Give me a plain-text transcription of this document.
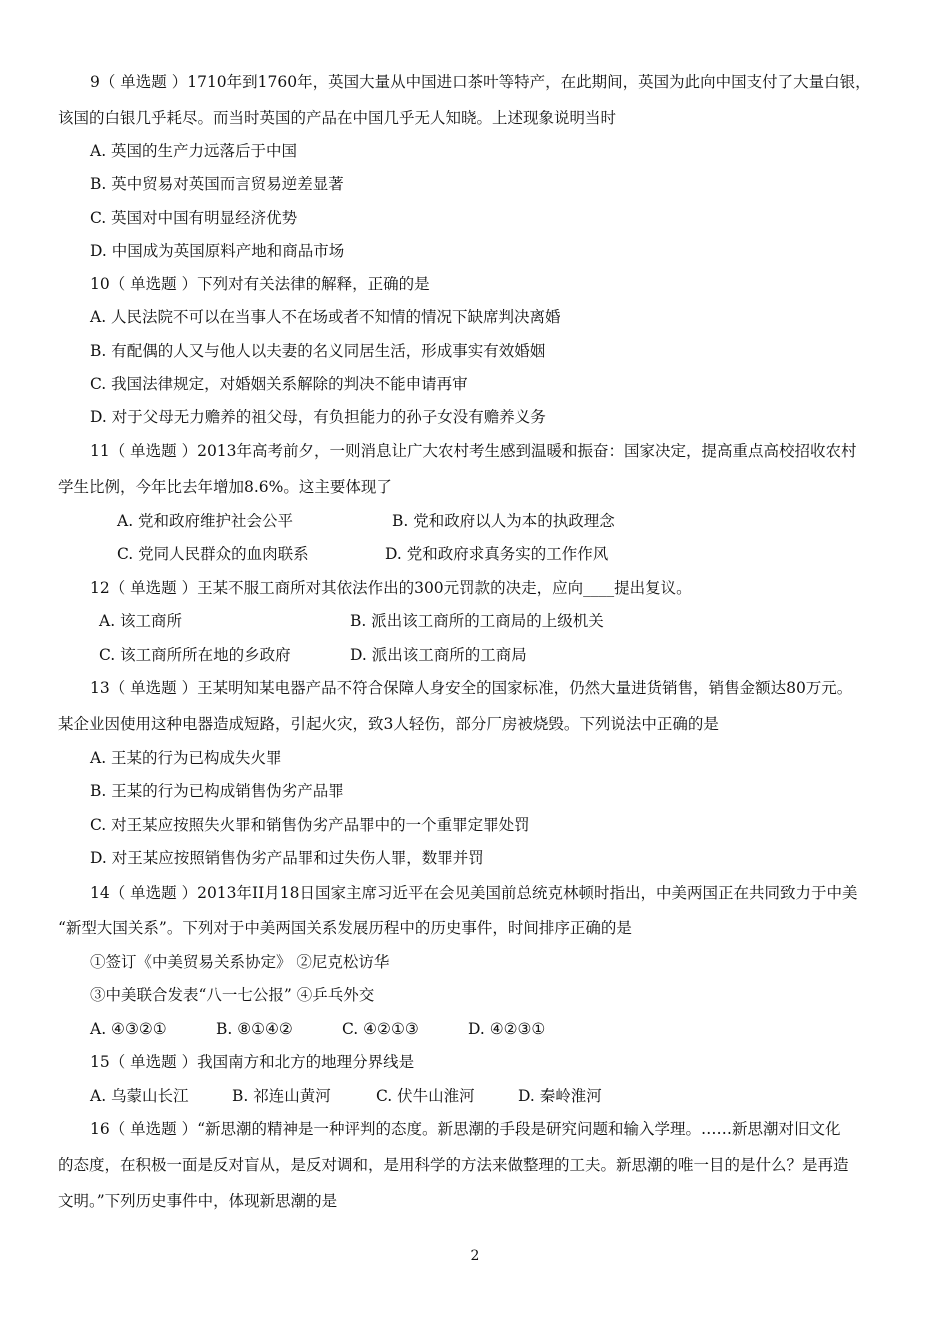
9（ 单选题 ）1710年到1760年，英国大量从中国进口茶叶等特产，在此期间，英国为此向中国支付了大量白银，
该国的白银几乎耗尽。而当时英国的产品在中国几乎无人知晓。上述现象说明当时
A. 英国的生产力远落后于中国
B. 英中贸易对英国而言贸易逆差显著
C. 英国对中国有明显经济优势
D. 中国成为英国原料产地和商品市场
10（ 单选题 ）下列对有关法律的解释，正确的是
A. 人民法院不可以在当事人不在场或者不知情的情况下缺席判决离婚
B. 有配偶的人又与他人以夫妻的名义同居生活，形成事实有效婚姻
C. 我国法律规定，对婚姻关系解除的判决不能申请再审
D. 对于父母无力赡养的祖父母，有负担能力的孙子女没有赡养义务
11（ 单选题 ）2013年高考前夕，一则消息让广大农村考生感到温暖和振奋：国家决定，提高重点高校招收农村
学生比例，今年比去年增加8.6%。这主要体现了
A. 党和政府维护社会公平	B. 党和政府以人为本的执政理念
C. 党同人民群众的血肉联系	D. 党和政府求真务实的工作作风
12（ 单选题 ）王某不服工商所对其依法作出的300元罚款的决走，应向____提出复议。
A. 该工商所	B. 派出该工商所的工商局的上级机关
C. 该工商所所在地的乡政府	D. 派出该工商所的工商局
13（ 单选题 ）王某明知某电器产品不符合保障人身安全的国家标准，仍然大量进货销售，销售金额达80万元。
某企业因使用这种电器造成短路，引起火灾，致3人轻伤，部分厂房被烧毁。下列说法中正确的是
A. 王某的行为已构成失火罪
B. 王某的行为已构成销售伪劣产品罪
C. 对王某应按照失火罪和销售伪劣产品罪中的一个重罪定罪处罚
D. 对王某应按照销售伪劣产品罪和过失伤人罪，数罪并罚
14（ 单选题 ）2013年II月18日国家主席习近平在会见美国前总统克林顿时指出，中美两国正在共同致力于中美
“新型大国关系”。下列对于中美两国关系发展历程中的历史事件，时间排序正确的是
①签订《中美贸易关系协定》 ②尼克松访华
③中美联合发表“八一七公报” ④乒乓外交
A. ④③②①	B. ⑧①④②	C. ④②①③	D. ④②③①
15（ 单选题 ）我国南方和北方的地理分界线是
A. 乌蒙山长江	B. 祁连山黄河	C. 伏牛山淮河	D. 秦岭淮河
16（ 单选题 ）“新思潮的精神是一种评判的态度。新思潮的手段是研究问题和输入学理。……新思潮对旧文化
的态度，在积极一面是反对盲从，是反对调和，是用科学的方法来做整理的工夫。新思潮的唯一目的是什么？是再造
文明。”下列历史事件中，体现新思潮的是
2
